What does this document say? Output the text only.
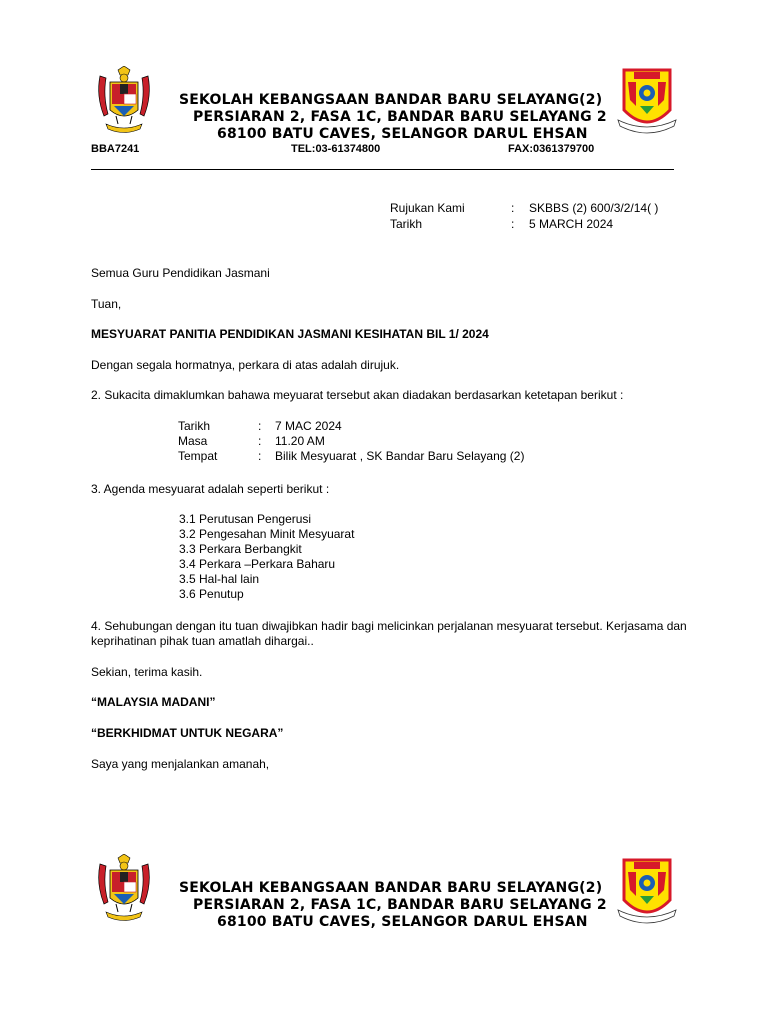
SEKOLAH KEBANGSAAN BANDAR BARU SELAYANG(2)
PERSIARAN 2, FASA 1C, BANDAR BARU SELAYANG 2
68100 BATU CAVES, SELANGOR DARUL EHSAN
BBA7241	TEL:03-61374800	FAX:0361379700
Rujukan Kami	: SKBBS (2) 600/3/2/14( )
Tarikh	: 5 MARCH 2024
Semua Guru Pendidikan Jasmani
Tuan,
MESYUARAT PANITIA PENDIDIKAN JASMANI KESIHATAN BIL 1/ 2024
Dengan segala hormatnya, perkara di atas adalah dirujuk.
2. Sukacita dimaklumkan bahawa meyuarat tersebut akan diadakan berdasarkan ketetapan berikut :
Tarikh	: 7 MAC 2024
Masa	: 11.20 AM
Tempat	: Bilik Mesyuarat , SK Bandar Baru Selayang (2)
3. Agenda mesyuarat adalah seperti berikut :
3.1 Perutusan Pengerusi
3.2 Pengesahan Minit Mesyuarat
3.3 Perkara Berbangkit
3.4 Perkara –Perkara Baharu
3.5 Hal-hal lain
3.6 Penutup
4. Sehubungan dengan itu tuan diwajibkan hadir bagi melicinkan perjalanan mesyuarat tersebut. Kerjasama dan
keprihatinan pihak tuan amatlah dihargai..
Sekian, terima kasih.
“MALAYSIA MADANI”
“BERKHIDMAT UNTUK NEGARA”
Saya yang menjalankan amanah,
SEKOLAH KEBANGSAAN BANDAR BARU SELAYANG(2)
PERSIARAN 2, FASA 1C, BANDAR BARU SELAYANG 2
68100 BATU CAVES, SELANGOR DARUL EHSAN
